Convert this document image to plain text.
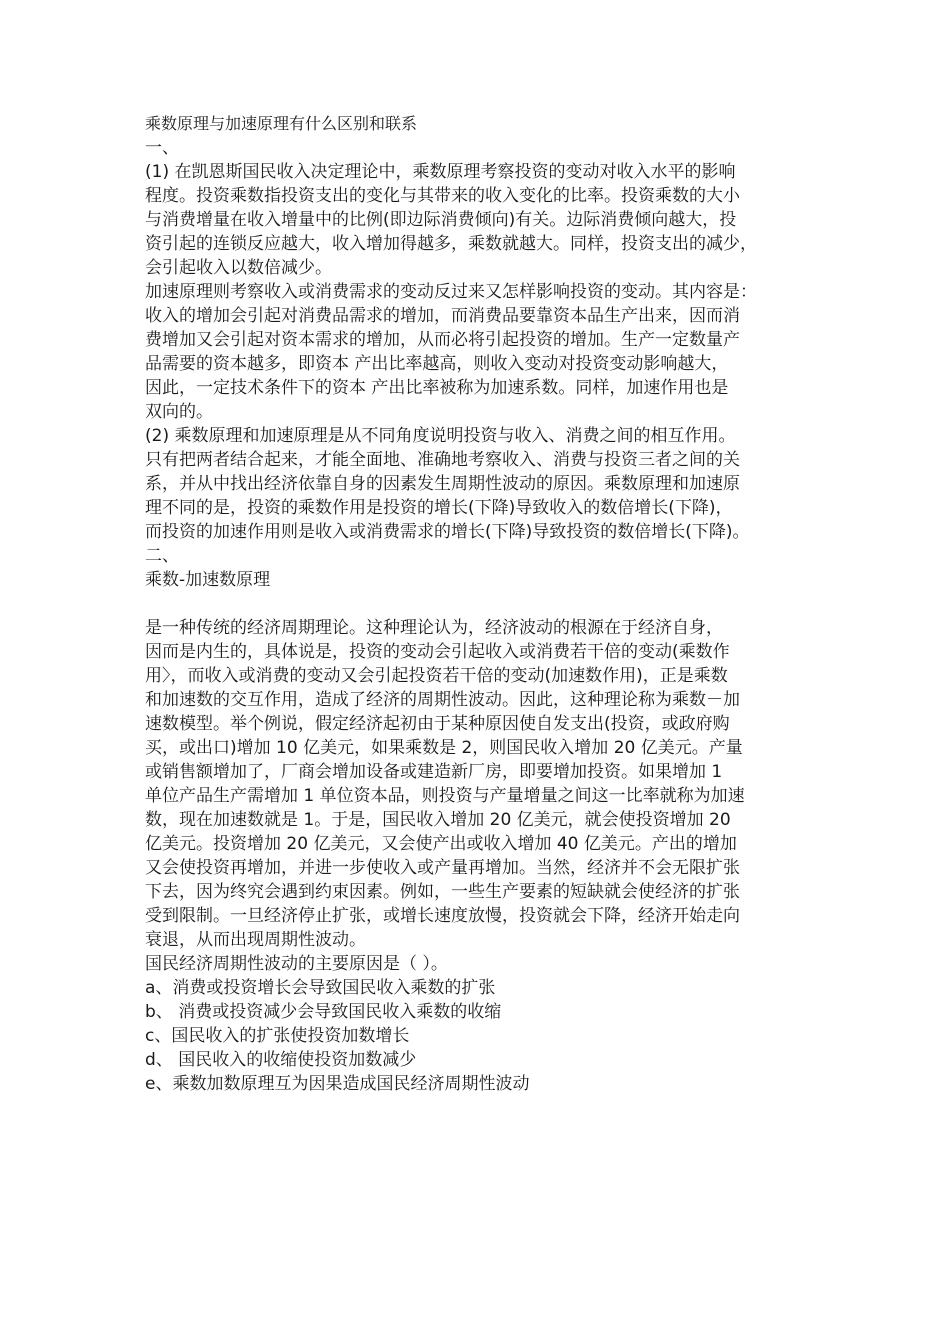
乘数原理与加速原理有什么区别和联系
一、
(1) 在凯恩斯国民收入决定理论中，乘数原理考察投资的变动对收入水平的影响
程度。投资乘数指投资支出的变化与其带来的收入变化的比率。投资乘数的大小
与消费增量在收入增量中的比例(即边际消费倾向)有关。边际消费倾向越大，投
资引起的连锁反应越大，收入增加得越多，乘数就越大。同样，投资支出的减少，
会引起收入以数倍减少。
加速原理则考察收入或消费需求的变动反过来又怎样影响投资的变动。其内容是：
收入的增加会引起对消费品需求的增加，而消费品要靠资本品生产出来，因而消
费增加又会引起对资本需求的增加，从而必将引起投资的增加。生产一定数量产
品需要的资本越多，即资本 产出比率越高，则收入变动对投资变动影响越大，
因此，一定技术条件下的资本 产出比率被称为加速系数。同样，加速作用也是
双向的。
(2) 乘数原理和加速原理是从不同角度说明投资与收入、消费之间的相互作用。
只有把两者结合起来，才能全面地、准确地考察收入、消费与投资三者之间的关
系，并从中找出经济依靠自身的因素发生周期性波动的原因。乘数原理和加速原
理不同的是，投资的乘数作用是投资的增长(下降)导致收入的数倍增长(下降)，
而投资的加速作用则是收入或消费需求的增长(下降)导致投资的数倍增长(下降)。
二、
乘数-加速数原理
是一种传统的经济周期理论。这种理论认为，经济波动的根源在于经济自身，
因而是内生的，具体说是，投资的变动会引起收入或消费若干倍的变动(乘数作
用〉，而收入或消费的变动又会引起投资若干倍的变动(加速数作用)，正是乘数
和加速数的交互作用，造成了经济的周期性波动。因此，这种理论称为乘数－加
速数模型。举个例说，假定经济起初由于某种原因使自发支出(投资，或政府购
买，或出口)增加 10 亿美元，如果乘数是 2，则国民收入增加 20 亿美元。产量
或销售额增加了，厂商会增加设备或建造新厂房，即要增加投资。如果增加 1
单位产品生产需增加 1 单位资本品，则投资与产量增量之间这一比率就称为加速
数，现在加速数就是 1。于是，国民收入增加 20 亿美元，就会使投资增加 20
亿美元。投资增加 20 亿美元，又会使产出或收入增加 40 亿美元。产出的增加
又会使投资再增加，并进一步使收入或产量再增加。当然，经济并不会无限扩张
下去，因为终究会遇到约束因素。例如，一些生产要素的短缺就会使经济的扩张
受到限制。一旦经济停止扩张，或增长速度放慢，投资就会下降，经济开始走向
衰退，从而出现周期性波动。
国民经济周期性波动的主要原因是（ ）。
a、消费或投资增长会导致国民收入乘数的扩张
b、 消费或投资减少会导致国民收入乘数的收缩
c、国民收入的扩张使投资加数增长
d、 国民收入的收缩使投资加数减少
e、乘数加数原理互为因果造成国民经济周期性波动
